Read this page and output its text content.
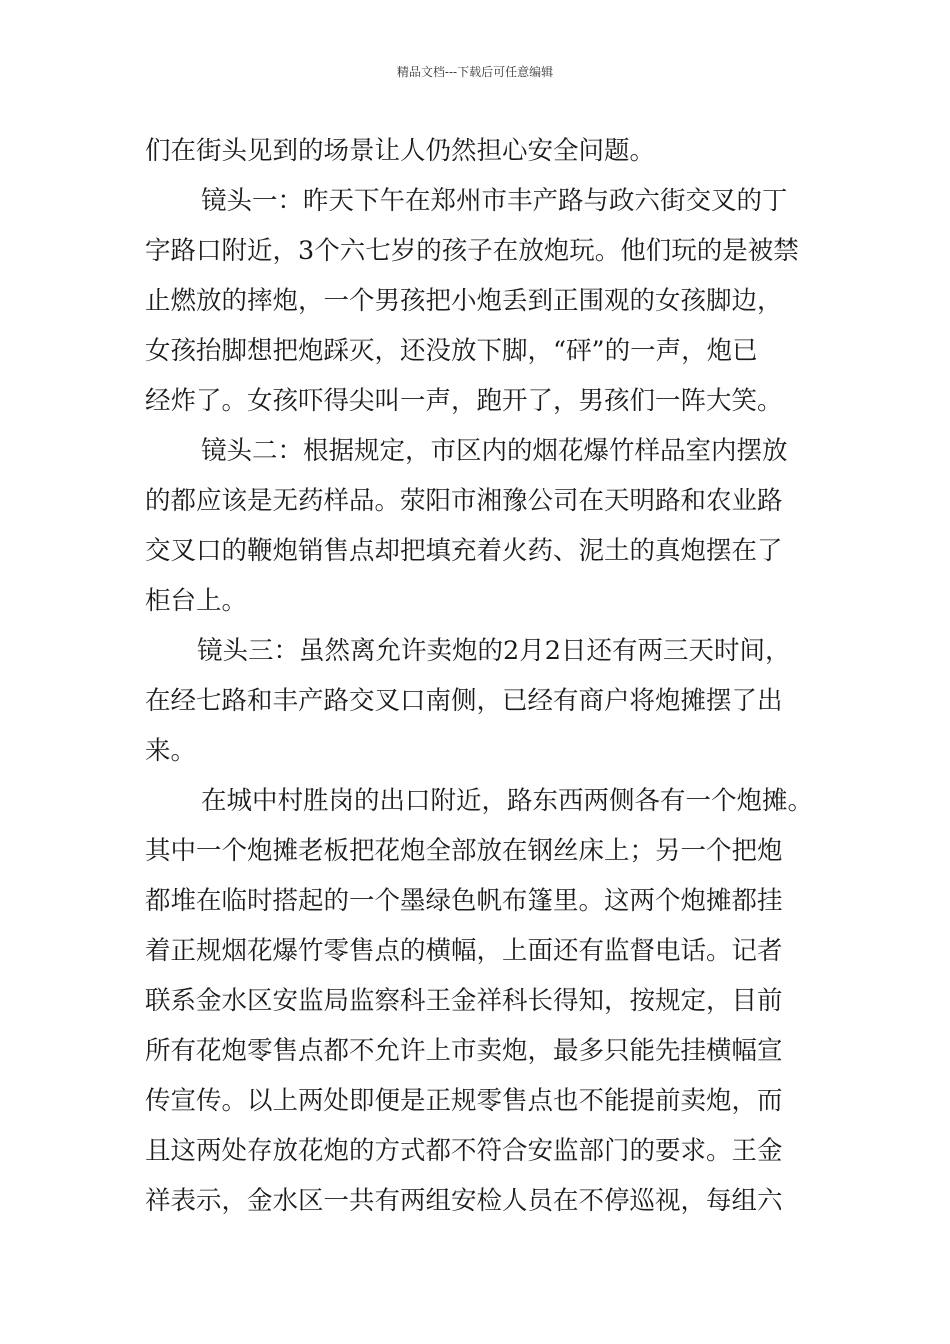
精品文档---下载后可任意编辑
们在街头见到的场景让人仍然担心安全问题。
镜头一：昨天下午在郑州市丰产路与政六街交叉的丁
字路口附近，3个六七岁的孩子在放炮玩。他们玩的是被禁
止燃放的摔炮，一个男孩把小炮丢到正围观的女孩脚边，
女孩抬脚想把炮踩灭，还没放下脚，“砰”的一声，炮已
经炸了。女孩吓得尖叫一声，跑开了，男孩们一阵大笑。
镜头二：根据规定，市区内的烟花爆竹样品室内摆放
的都应该是无药样品。荥阳市湘豫公司在天明路和农业路
交叉口的鞭炮销售点却把填充着火药、泥土的真炮摆在了
柜台上。
镜头三：虽然离允许卖炮的2月2日还有两三天时间，
在经七路和丰产路交叉口南侧，已经有商户将炮摊摆了出
来。
在城中村胜岗的出口附近，路东西两侧各有一个炮摊。
其中一个炮摊老板把花炮全部放在钢丝床上；另一个把炮
都堆在临时搭起的一个墨绿色帆布篷里。这两个炮摊都挂
着正规烟花爆竹零售点的横幅，上面还有监督电话。记者
联系金水区安监局监察科王金祥科长得知，按规定，目前
所有花炮零售点都不允许上市卖炮，最多只能先挂横幅宣
传宣传。以上两处即便是正规零售点也不能提前卖炮，而
且这两处存放花炮的方式都不符合安监部门的要求。王金
祥表示，金水区一共有两组安检人员在不停巡视，每组六
